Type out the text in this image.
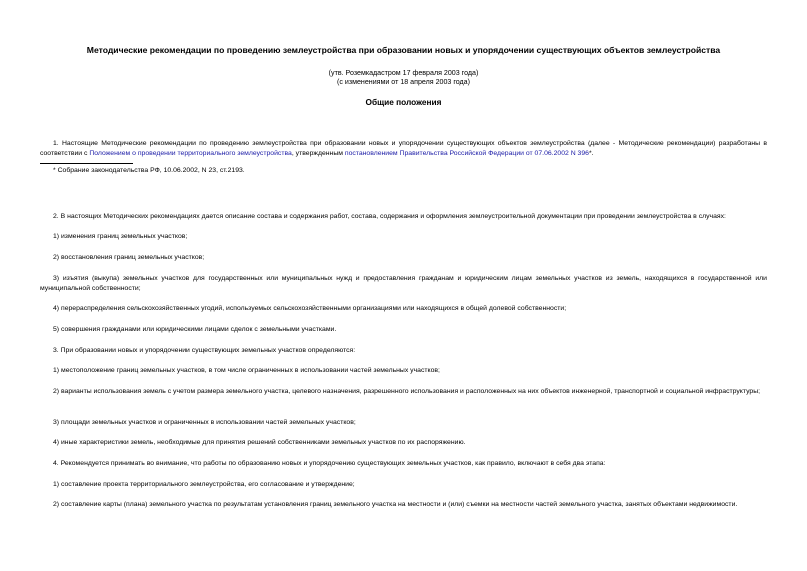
Методические рекомендации по проведению землеустройства при образовании новых и упорядочении существующих объектов землеустройства

(утв. Роземкадастром 17 февраля 2003 года)

(с изменениями от 18 апреля 2003 года)

Общие положения

1. Настоящие Методические рекомендации по проведению землеустройства при образовании новых и упорядочении существующих объектов землеустройства (далее - Методические рекомендации) разработаны в соответствии с Положением о проведении территориального землеустройства, утвержденным постановлением Правительства Российской Федерации от 07.06.2002 N 396*.

* Собрание законодательства РФ, 10.06.2002, N 23, ст.2193.

2. В настоящих Методических рекомендациях дается описание состава и содержания работ, состава, содержания и оформления землеустроительной документации при проведении землеустройства в случаях:

1) изменения границ земельных участков;

2) восстановления границ земельных участков;

3) изъятия (выкупа) земельных участков для государственных или муниципальных нужд и предоставления гражданам и юридическим лицам земельных участков из земель, находящихся в государственной или муниципальной собственности;

4) перераспределения сельскохозяйственных угодий, используемых сельскохозяйственными организациями или находящихся в общей долевой собственности;

5) совершения гражданами или юридическими лицами сделок с земельными участками.

3. При образовании новых и упорядочении существующих земельных участков определяются:

1) местоположение границ земельных участков, в том числе ограниченных в использовании частей земельных участков;

2) варианты использования земель с учетом размера земельного участка, целевого назначения, разрешенного использования и расположенных на них объектов инженерной, транспортной и социальной инфраструктуры;

3) площади земельных участков и ограниченных в использовании частей земельных участков;

4) иные характеристики земель, необходимые для принятия решений собственниками земельных участков по их распоряжению.

4. Рекомендуется принимать во внимание, что работы по образованию новых и упорядочению существующих земельных участков, как правило, включают в себя два этапа:

1) составление проекта территориального землеустройства, его согласование и утверждение;

2) составление карты (плана) земельного участка по результатам установления границ земельного участка на местности и (или) съемки на местности частей земельного участка, занятых объектами недвижимости.
